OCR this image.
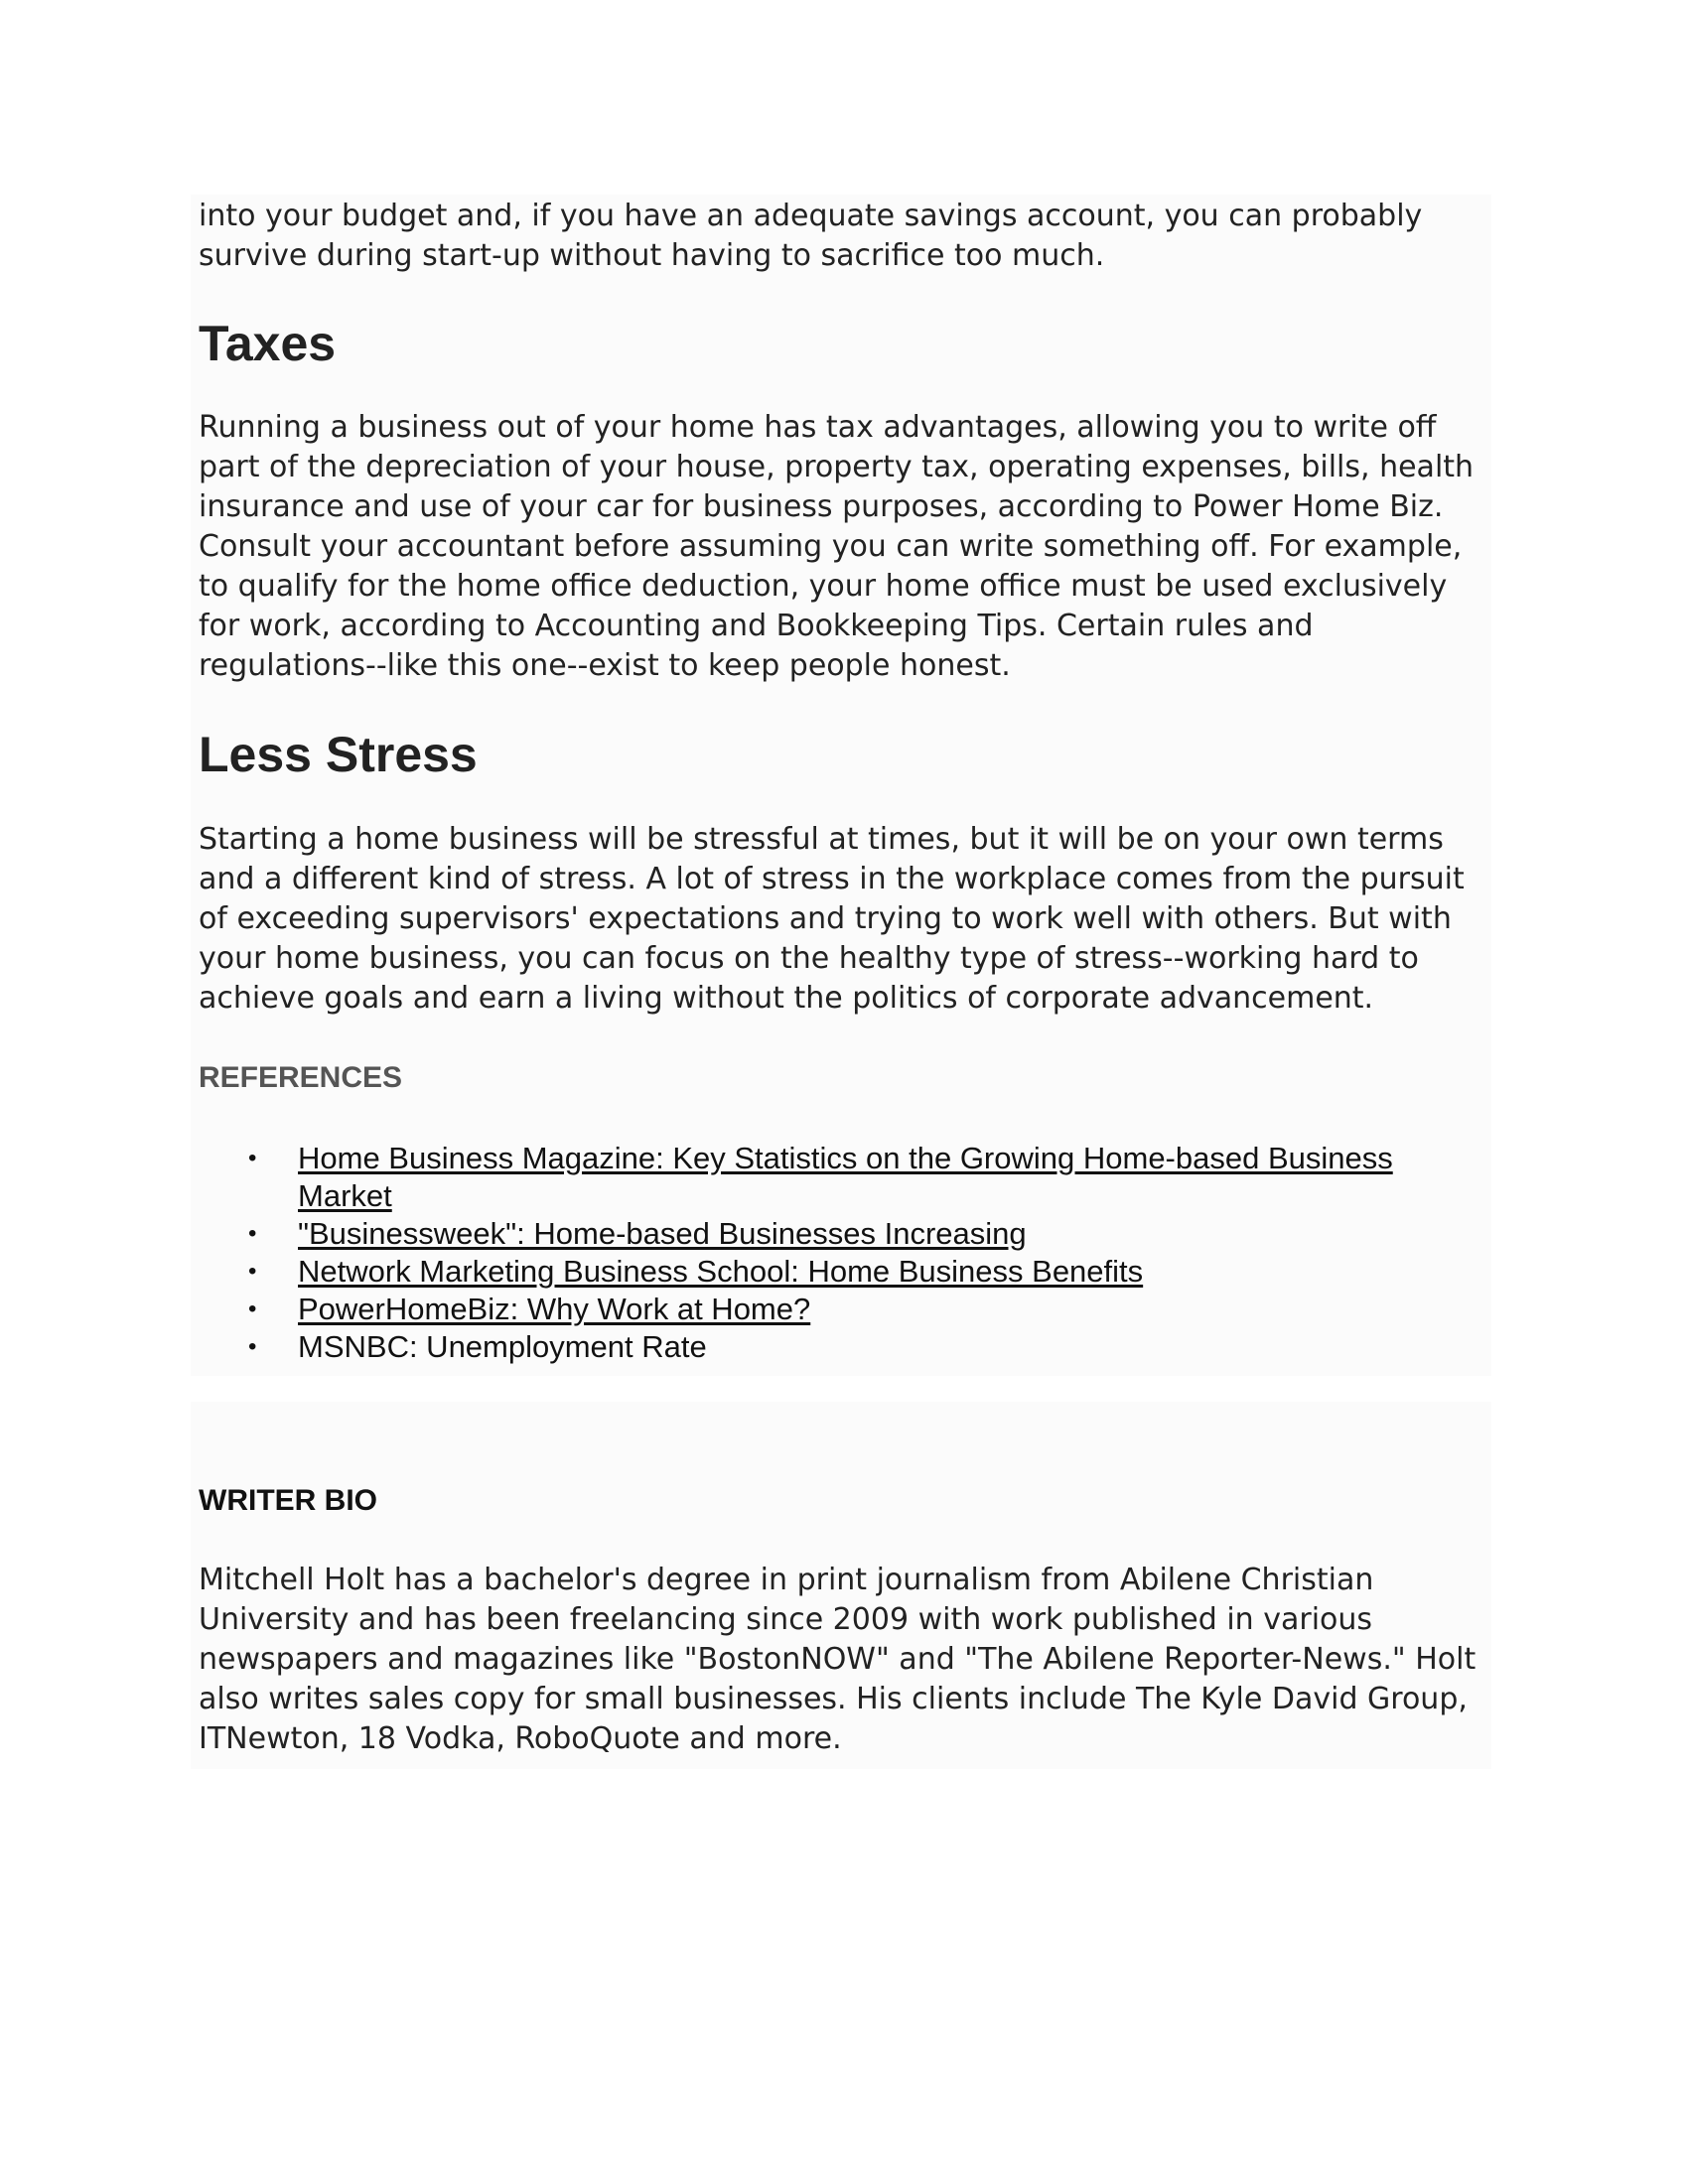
into your budget and, if you have an adequate savings account, you can probably survive during start-up without having to sacrifice too much.

Taxes

Running a business out of your home has tax advantages, allowing you to write off part of the depreciation of your house, property tax, operating expenses, bills, health insurance and use of your car for business purposes, according to Power Home Biz. Consult your accountant before assuming you can write something off. For example, to qualify for the home office deduction, your home office must be used exclusively for work, according to Accounting and Bookkeeping Tips. Certain rules and regulations--like this one--exist to keep people honest.

Less Stress

Starting a home business will be stressful at times, but it will be on your own terms and a different kind of stress. A lot of stress in the workplace comes from the pursuit of exceeding supervisors' expectations and trying to work well with others. But with your home business, you can focus on the healthy type of stress--working hard to achieve goals and earn a living without the politics of corporate advancement.

REFERENCES
• Home Business Magazine: Key Statistics on the Growing Home-based Business Market
• "Businessweek": Home-based Businesses Increasing
• Network Marketing Business School: Home Business Benefits
• PowerHomeBiz: Why Work at Home?
• MSNBC: Unemployment Rate
WRITER BIO

Mitchell Holt has a bachelor's degree in print journalism from Abilene Christian University and has been freelancing since 2009 with work published in various newspapers and magazines like "BostonNOW" and "The Abilene Reporter-News." Holt also writes sales copy for small businesses. His clients include The Kyle David Group, ITNewton, 18 Vodka, RoboQuote and more.
